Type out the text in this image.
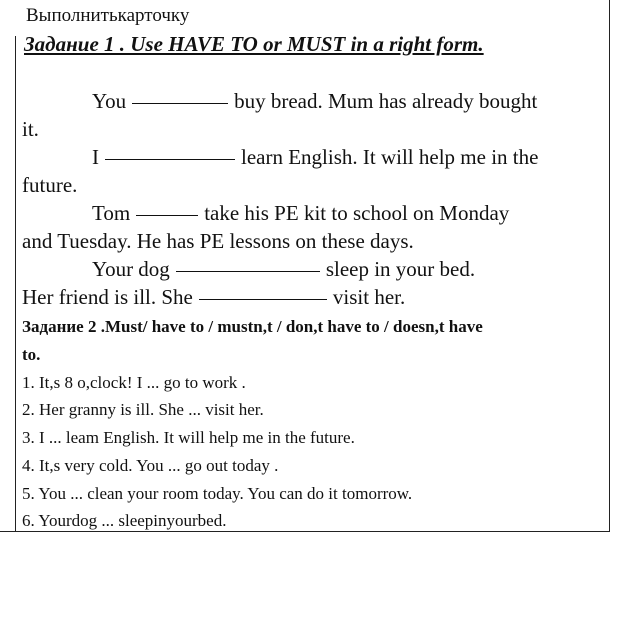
Выполнитькарточку
Задание 1 . Use HAVE TO or MUST in a right form.
You	buy bread. Mum has already bought
it.
I	learn English. It will help me in the
future.
Tom	take his PE kit to school on Monday
and Tuesday. He has PE lessons on these days.
Your dog	sleep in your bed.
Her friend is ill. She	visit her.
Задание 2 .Must/ have to / mustn,t / don,t have to / doesn,t have
to.
1. It,s 8 o,clock! I ... go to work .
2. Her granny is ill. She ... visit her.
3. I ... leam English. It will help me in the future.
4. It,s very cold. You ... go out today .
5. You ... clean your room today. You can do it tomorrow.
6. Yourdog ... sleepinyourbed.
